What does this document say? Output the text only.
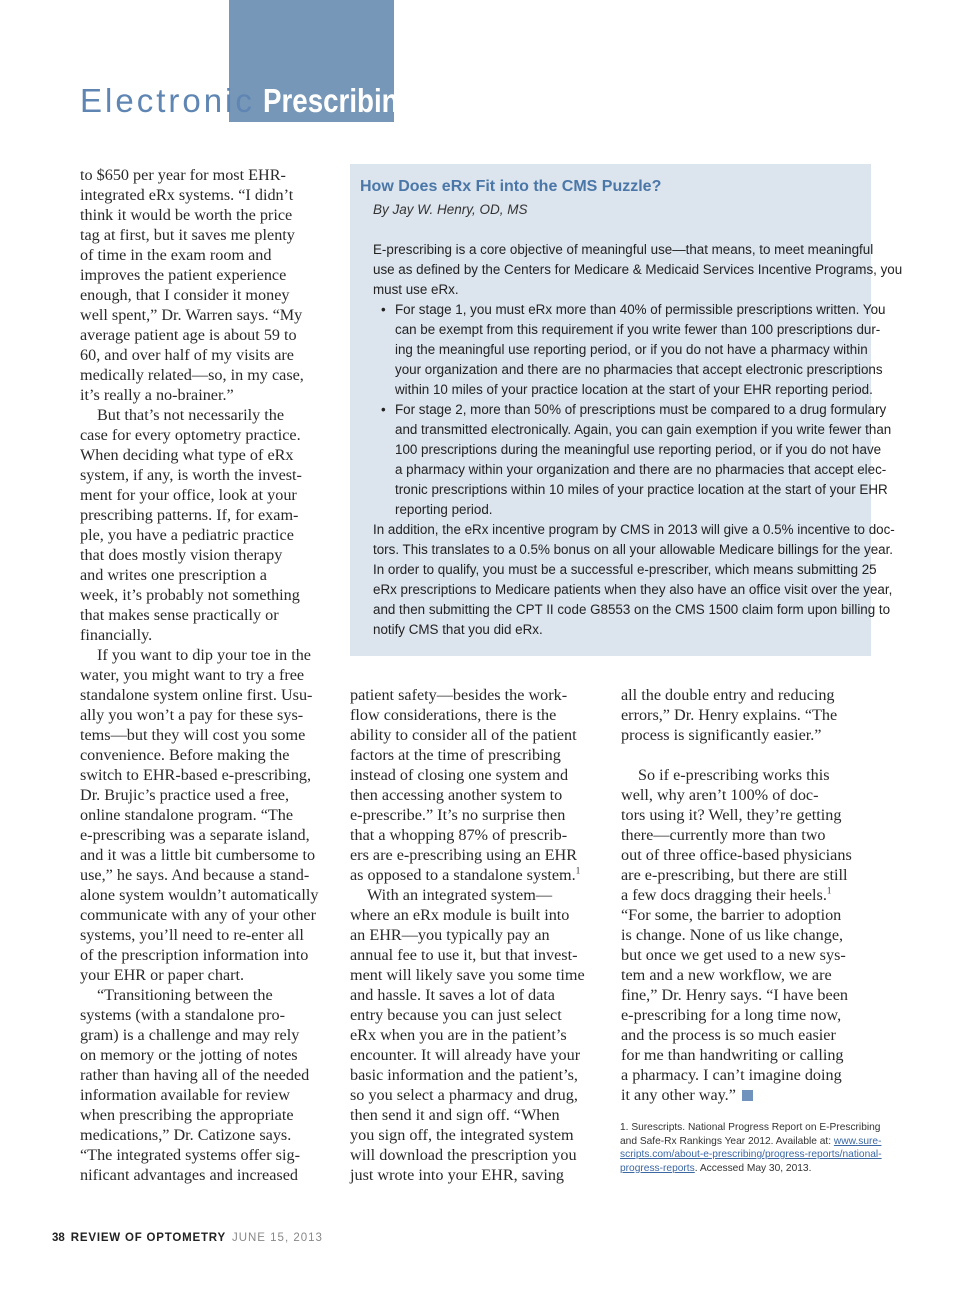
Electronic Prescribing
to $650 per year for most EHR-
integrated eRx systems. “I didn’t
think it would be worth the price
tag at first, but it saves me plenty
of time in the exam room and
improves the patient experience
enough, that I consider it money
well spent,” Dr. Warren says. “My
average patient age is about 59 to
60, and over half of my visits are
medically related—so, in my case,
it’s really a no-brainer.”
But that’s not necessarily the
case for every optometry practice.
When deciding what type of eRx
system, if any, is worth the invest-
ment for your office, look at your
prescribing patterns. If, for exam-
ple, you have a pediatric practice
that does mostly vision therapy
and writes one prescription a
week, it’s probably not something
that makes sense practically or
financially.
If you want to dip your toe in the
water, you might want to try a free
standalone system online first. Usu-
ally you won’t a pay for these sys-
tems—but they will cost you some
convenience. Before making the
switch to EHR-based e-prescribing,
Dr. Brujic’s practice used a free,
online standalone program. “The
e-prescribing was a separate island,
and it was a little bit cumbersome to
use,” he says. And because a stand-
alone system wouldn’t automatically
communicate with any of your other
systems, you’ll need to re-enter all
of the prescription information into
your EHR or paper chart.
“Transitioning between the
systems (with a standalone pro-
gram) is a challenge and may rely
on memory or the jotting of notes
rather than having all of the needed
information available for review
when prescribing the appropriate
medications,” Dr. Catizone says.
“The integrated systems offer sig-
nificant advantages and increased
How Does eRx Fit into the CMS Puzzle?
By Jay W. Henry, OD, MS
E-prescribing is a core objective of meaningful use—that means, to meet meaningful
use as defined by the Centers for Medicare & Medicaid Services Incentive Programs, you
must use eRx.
• For stage 1, you must eRx more than 40% of permissible prescriptions written. You
can be exempt from this requirement if you write fewer than 100 prescriptions dur-
ing the meaningful use reporting period, or if you do not have a pharmacy within
your organization and there are no pharmacies that accept electronic prescriptions
within 10 miles of your practice location at the start of your EHR reporting period.
• For stage 2, more than 50% of prescriptions must be compared to a drug formulary
and transmitted electronically. Again, you can gain exemption if you write fewer than
100 prescriptions during the meaningful use reporting period, or if you do not have
a pharmacy within your organization and there are no pharmacies that accept elec-
tronic prescriptions within 10 miles of your practice location at the start of your EHR
reporting period.
In addition, the eRx incentive program by CMS in 2013 will give a 0.5% incentive to doc-
tors. This translates to a 0.5% bonus on all your allowable Medicare billings for the year.
In order to qualify, you must be a successful e-prescriber, which means submitting 25
eRx prescriptions to Medicare patients when they also have an office visit over the year,
and then submitting the CPT II code G8553 on the CMS 1500 claim form upon billing to
notify CMS that you did eRx.
patient safety—besides the work-
flow considerations, there is the
ability to consider all of the patient
factors at the time of prescribing
instead of closing one system and
then accessing another system to
e-prescribe.” It’s no surprise then
that a whopping 87% of prescrib-
ers are e-prescribing using an EHR
as opposed to a standalone system.$^1$
With an integrated system—
where an eRx module is built into
an EHR—you typically pay an
annual fee to use it, but that invest-
ment will likely save you some time
and hassle. It saves a lot of data
entry because you can just select
eRx when you are in the patient’s
encounter. It will already have your
basic information and the patient’s,
so you select a pharmacy and drug,
then send it and sign off. “When
you sign off, the integrated system
will download the prescription you
just wrote into your EHR, saving
all the double entry and reducing
errors,” Dr. Henry explains. “The
process is significantly easier.”
So if e-prescribing works this
well, why aren’t 100% of doc-
tors using it? Well, they’re getting
there—currently more than two
out of three office-based physicians
are e-prescribing, but there are still
a few docs dragging their heels.$^1$
“For some, the barrier to adoption
is change. None of us like change,
but once we get used to a new sys-
tem and a new workflow, we are
fine,” Dr. Henry says. “I have been
e-prescribing for a long time now,
and the process is so much easier
for me than handwriting or calling
a pharmacy. I can’t imagine doing
it any other way.”
1. Surescripts. National Progress Report on E-Prescribing
and Safe-Rx Rankings Year 2012. Available at: www.sure-
scripts.com/about-e-prescribing/progress-reports/national-
progress-reports. Accessed May 30, 2013.
38 REVIEW OF OPTOMETRY JUNE 15, 2013
